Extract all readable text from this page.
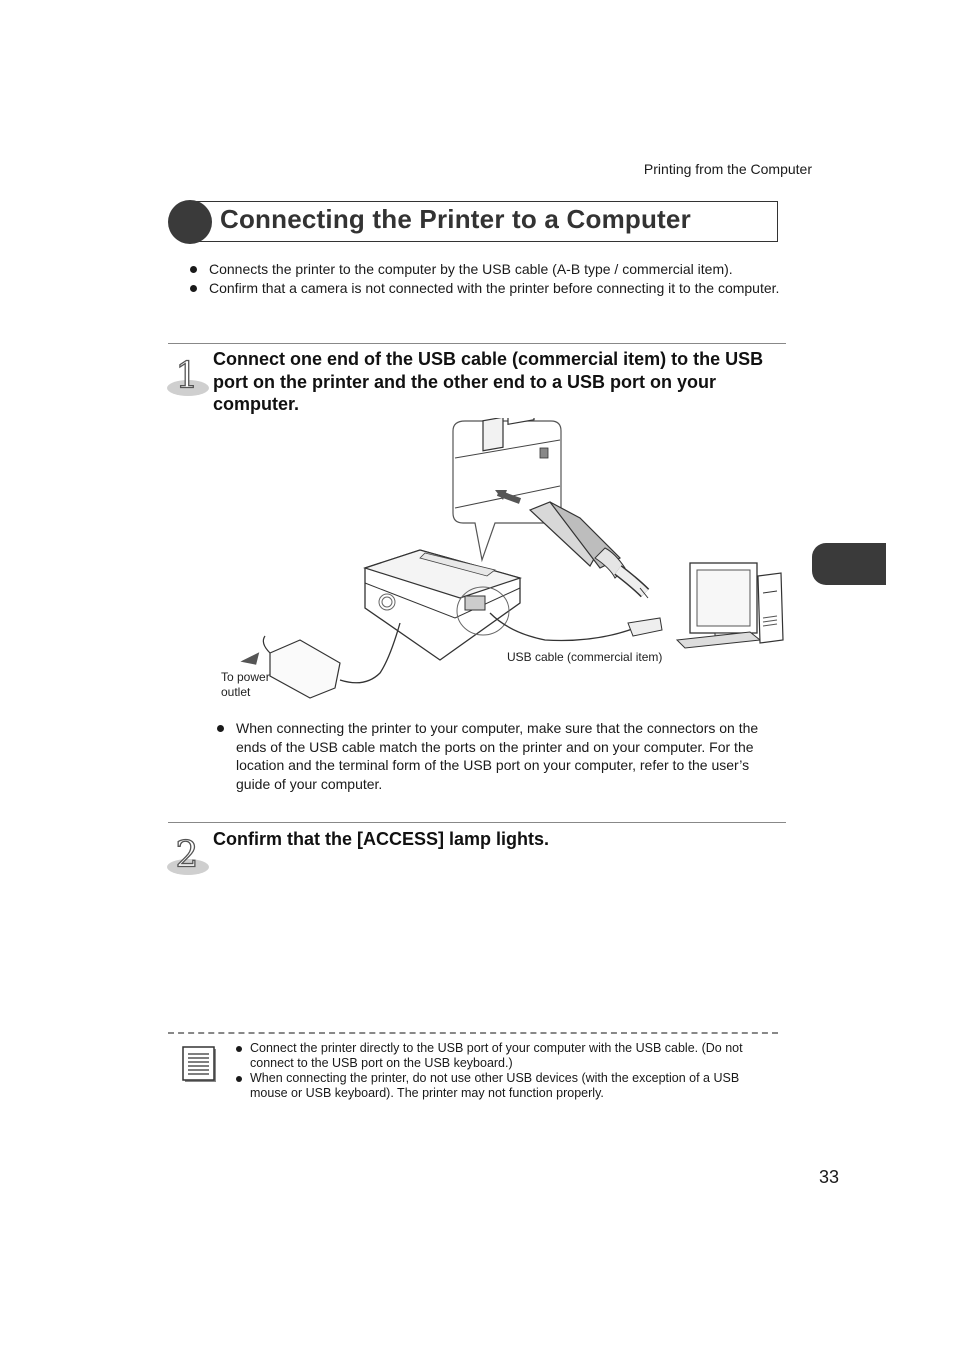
Printing from the Computer
Connecting the Printer to a Computer
Connects the printer to the computer by the USB cable (A-B type / commercial item).
Confirm that a camera is not connected with the printer before connecting it to the computer.
1 Connect one end of the USB cable (commercial item) to the USB port on the printer and the other end to a USB port on your computer.
To power
outlet
USB cable (commercial item)
When connecting the printer to your computer, make sure that the connectors on the ends of the USB cable match the ports on the printer and on your computer. For the location and the terminal form of the USB port on your computer, refer to the user’s guide of your computer.
2 Confirm that the [ACCESS] lamp lights.
Connect the printer directly to the USB port of your computer with the USB cable. (Do not connect to the USB port on the USB keyboard.)
When connecting the printer, do not use other USB devices (with the exception of a USB mouse or USB keyboard). The printer may not function properly.
33
